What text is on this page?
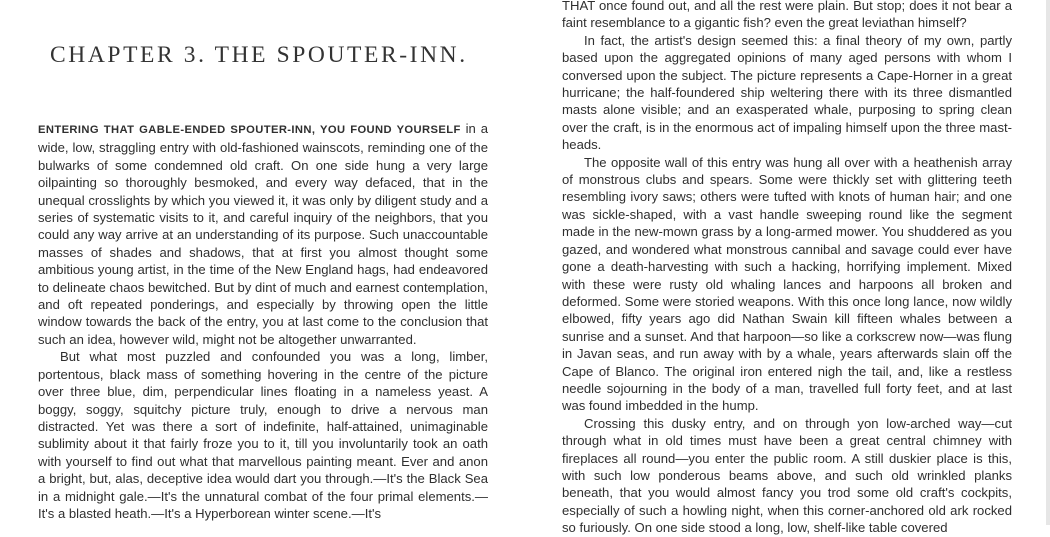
CHAPTER 3. THE SPOUTER-INN.

ENTERING THAT GABLE-ENDED SPOUTER-INN, YOU FOUND YOURSELF in a wide, low, straggling entry with old-fashioned wainscots, reminding one of the bulwarks of some condemned old craft. On one side hung a very large oilpainting so thoroughly besmoked, and every way defaced, that in the unequal crosslights by which you viewed it, it was only by diligent study and a series of systematic visits to it, and careful inquiry of the neighbors, that you could any way arrive at an understanding of its purpose. Such unaccountable masses of shades and shadows, that at first you almost thought some ambitious young artist, in the time of the New England hags, had endeavored to delineate chaos bewitched. But by dint of much and earnest contemplation, and oft repeated ponderings, and especially by throwing open the little window towards the back of the entry, you at last come to the conclusion that such an idea, however wild, might not be altogether unwarranted.

But what most puzzled and confounded you was a long, limber, portentous, black mass of something hovering in the centre of the picture over three blue, dim, perpendicular lines floating in a nameless yeast. A boggy, soggy, squitchy picture truly, enough to drive a nervous man distracted. Yet was there a sort of indefinite, half-attained, unimaginable sublimity about it that fairly froze you to it, till you involuntarily took an oath with yourself to find out what that marvellous painting meant. Ever and anon a bright, but, alas, deceptive idea would dart you through.—It's the Black Sea in a midnight gale.—It's the unnatural combat of the four primal elements.—It's a blasted heath.—It's a Hyperborean winter scene.—It's

THAT once found out, and all the rest were plain. But stop; does it not bear a faint resemblance to a gigantic fish? even the great leviathan himself?

In fact, the artist's design seemed this: a final theory of my own, partly based upon the aggregated opinions of many aged persons with whom I conversed upon the subject. The picture represents a Cape-Horner in a great hurricane; the half-foundered ship weltering there with its three dismantled masts alone visible; and an exasperated whale, purposing to spring clean over the craft, is in the enormous act of impaling himself upon the three mast-heads.

The opposite wall of this entry was hung all over with a heathenish array of monstrous clubs and spears. Some were thickly set with glittering teeth resembling ivory saws; others were tufted with knots of human hair; and one was sickle-shaped, with a vast handle sweeping round like the segment made in the new-mown grass by a long-armed mower. You shuddered as you gazed, and wondered what monstrous cannibal and savage could ever have gone a death-harvesting with such a hacking, horrifying implement. Mixed with these were rusty old whaling lances and harpoons all broken and deformed. Some were storied weapons. With this once long lance, now wildly elbowed, fifty years ago did Nathan Swain kill fifteen whales between a sunrise and a sunset. And that harpoon—so like a corkscrew now—was flung in Javan seas, and run away with by a whale, years afterwards slain off the Cape of Blanco. The original iron entered nigh the tail, and, like a restless needle sojourning in the body of a man, travelled full forty feet, and at last was found imbedded in the hump.

Crossing this dusky entry, and on through yon low-arched way—cut through what in old times must have been a great central chimney with fireplaces all round—you enter the public room. A still duskier place is this, with such low ponderous beams above, and such old wrinkled planks beneath, that you would almost fancy you trod some old craft's cockpits, especially of such a howling night, when this corner-anchored old ark rocked so furiously. On one side stood a long, low, shelf-like table covered
